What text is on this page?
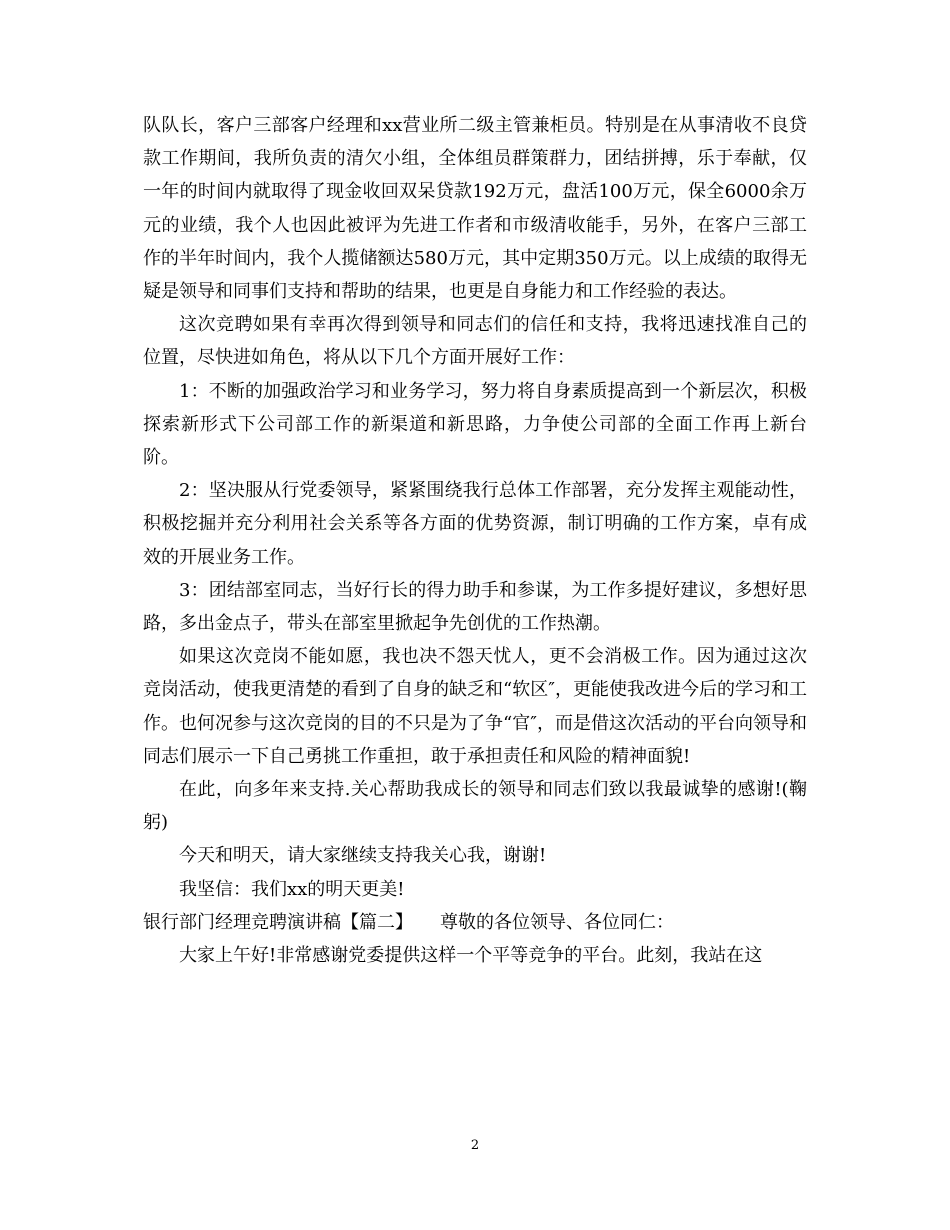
队队长，客户三部客户经理和xx营业所二级主管兼柜员。特别是在从事清收不良贷款工作期间，我所负责的清欠小组，全体组员群策群力，团结拼搏，乐于奉献，仅一年的时间内就取得了现金收回双呆贷款192万元，盘活100万元，保全6000余万元的业绩，我个人也因此被评为先进工作者和市级清收能手，另外，在客户三部工作的半年时间内，我个人揽储额达580万元，其中定期350万元。以上成绩的取得无疑是领导和同事们支持和帮助的结果，也更是自身能力和工作经验的表达。

这次竞聘如果有幸再次得到领导和同志们的信任和支持，我将迅速找准自己的位置，尽快进如角色，将从以下几个方面开展好工作：

1：不断的加强政治学习和业务学习，努力将自身素质提高到一个新层次，积极探索新形式下公司部工作的新渠道和新思路，力争使公司部的全面工作再上新台阶。

2：坚决服从行党委领导，紧紧围绕我行总体工作部署，充分发挥主观能动性，积极挖掘并充分利用社会关系等各方面的优势资源，制订明确的工作方案，卓有成效的开展业务工作。

3：团结部室同志，当好行长的得力助手和参谋，为工作多提好建议，多想好思路，多出金点子，带头在部室里掀起争先创优的工作热潮。

如果这次竞岗不能如愿，我也决不怨天忧人，更不会消极工作。因为通过这次竞岗活动，使我更清楚的看到了自身的缺乏和“软区″，更能使我改进今后的学习和工作。也何况参与这次竞岗的目的不只是为了争“官″，而是借这次活动的平台向领导和同志们展示一下自己勇挑工作重担，敢于承担责任和风险的精神面貌!

在此，向多年来支持.关心帮助我成长的领导和同志们致以我最诚挚的感谢!(鞠躬)

今天和明天，请大家继续支持我关心我，谢谢!

我坚信：我们xx的明天更美!

银行部门经理竞聘演讲稿【篇二】　　尊敬的各位领导、各位同仁：

大家上午好!非常感谢党委提供这样一个平等竞争的平台。此刻，我站在这

2
